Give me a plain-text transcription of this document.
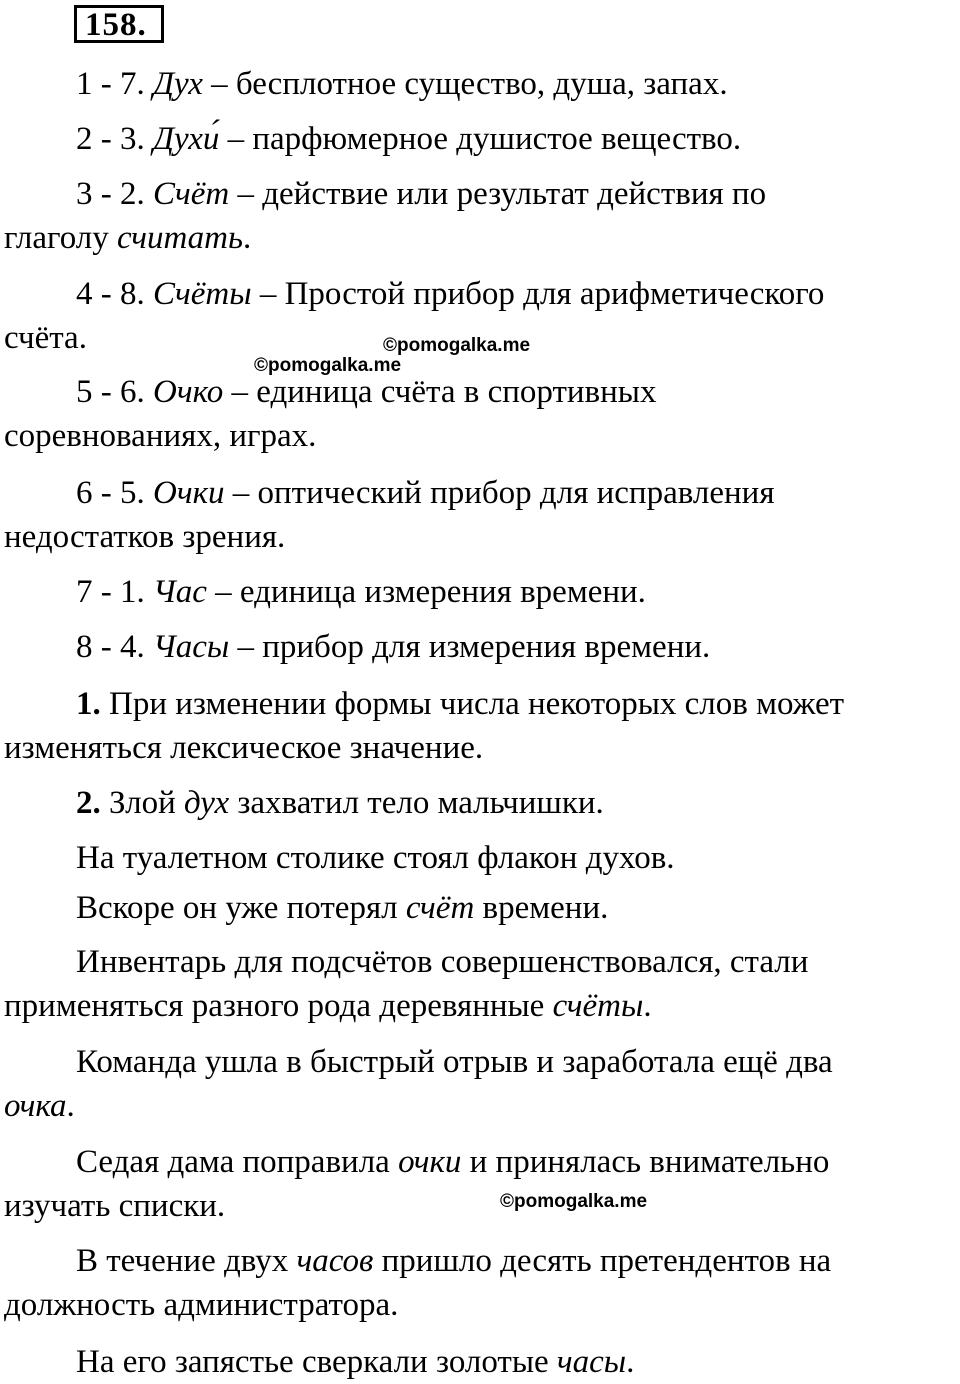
158.
1 - 7. Дух – бесплотное существо, душа, запах.
2 - 3. Духи́ – парфюмерное душистое вещество.
3 - 2. Счёт – действие или результат действия по
глаголу считать.
4 - 8. Счёты – Простой прибор для арифметического
счёта.	©pomogalka.me
©pomogalka.me
5 - 6. Очко – единица счёта в спортивных
соревнованиях, играх.
6 - 5. Очки – оптический прибор для исправления
недостатков зрения.
7 - 1. Час – единица измерения времени.
8 - 4. Часы – прибор для измерения времени.
1. При изменении формы числа некоторых слов может
изменяться лексическое значение.
2. Злой дух захватил тело мальчишки.
На туалетном столике стоял флакон духов.
Вскоре он уже потерял счёт времени.
Инвентарь для подсчётов совершенствовался, стали
применяться разного рода деревянные счёты.
Команда ушла в быстрый отрыв и заработала ещё два
очка.
Седая дама поправила очки и принялась внимательно
изучать списки.	©pomogalka.me
В течение двух часов пришло десять претендентов на
должность администратора.
На его запястье сверкали золотые часы.
